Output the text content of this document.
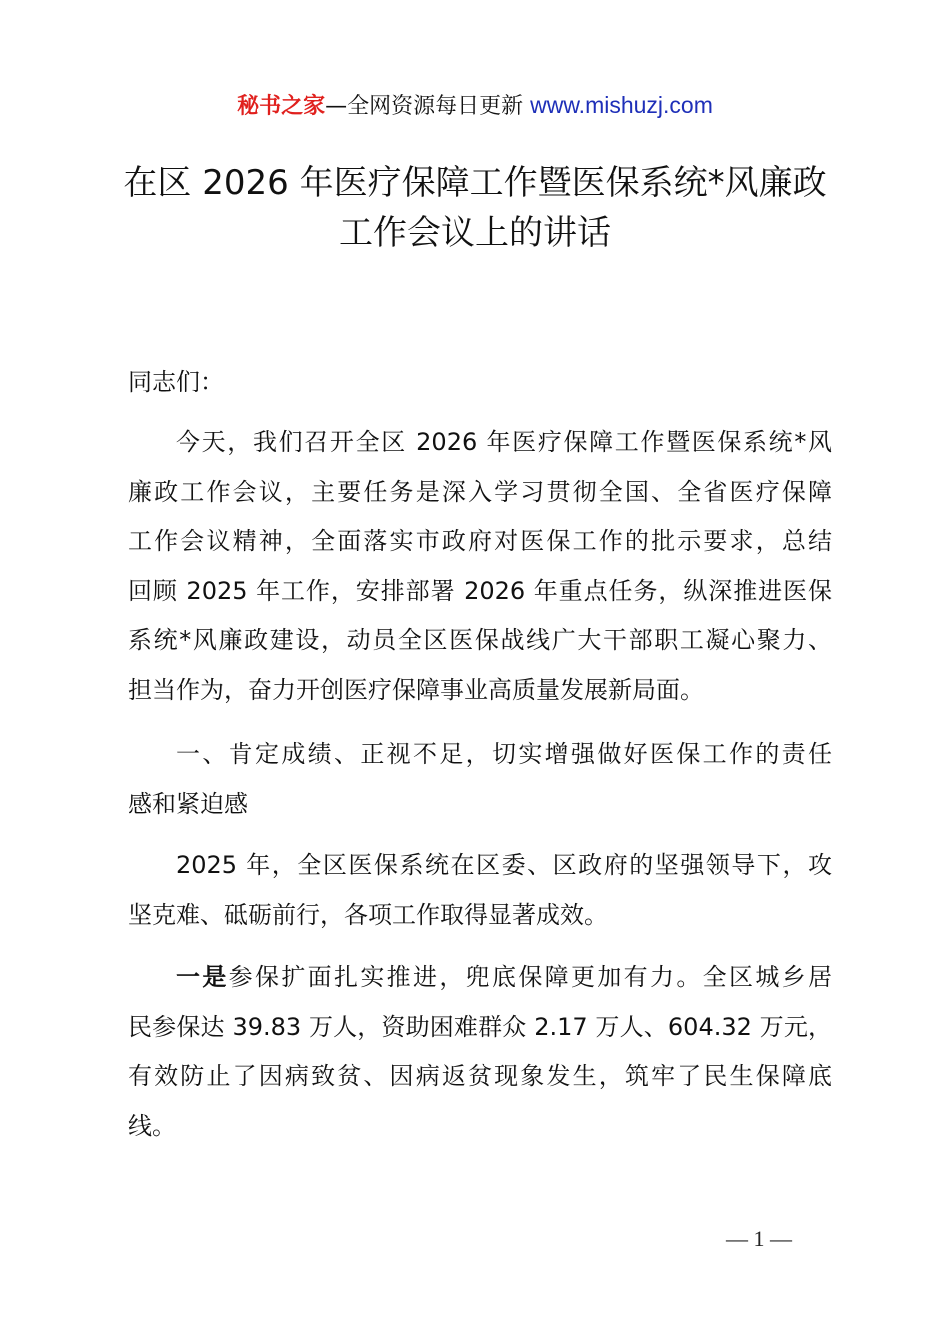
秘书之家—全网资源每日更新 www.mishuzj.com
在区 2026 年医疗保障工作暨医保系统*风廉政
工作会议上的讲话
同志们：
今天，我们召开全区 2026 年医疗保障工作暨医保系统*风
廉政工作会议，主要任务是深入学习贯彻全国、全省医疗保障
工作会议精神，全面落实市政府对医保工作的批示要求，总结
回顾 2025 年工作，安排部署 2026 年重点任务，纵深推进医保
系统*风廉政建设，动员全区医保战线广大干部职工凝心聚力、
担当作为，奋力开创医疗保障事业高质量发展新局面。
一、肯定成绩、正视不足，切实增强做好医保工作的责任
感和紧迫感
2025 年，全区医保系统在区委、区政府的坚强领导下，攻
坚克难、砥砺前行，各项工作取得显著成效。
一是参保扩面扎实推进，兜底保障更加有力。全区城乡居
民参保达 39.83 万人，资助困难群众 2.17 万人、604.32 万元，
有效防止了因病致贫、因病返贫现象发生，筑牢了民生保障底
线。
— 1 —
